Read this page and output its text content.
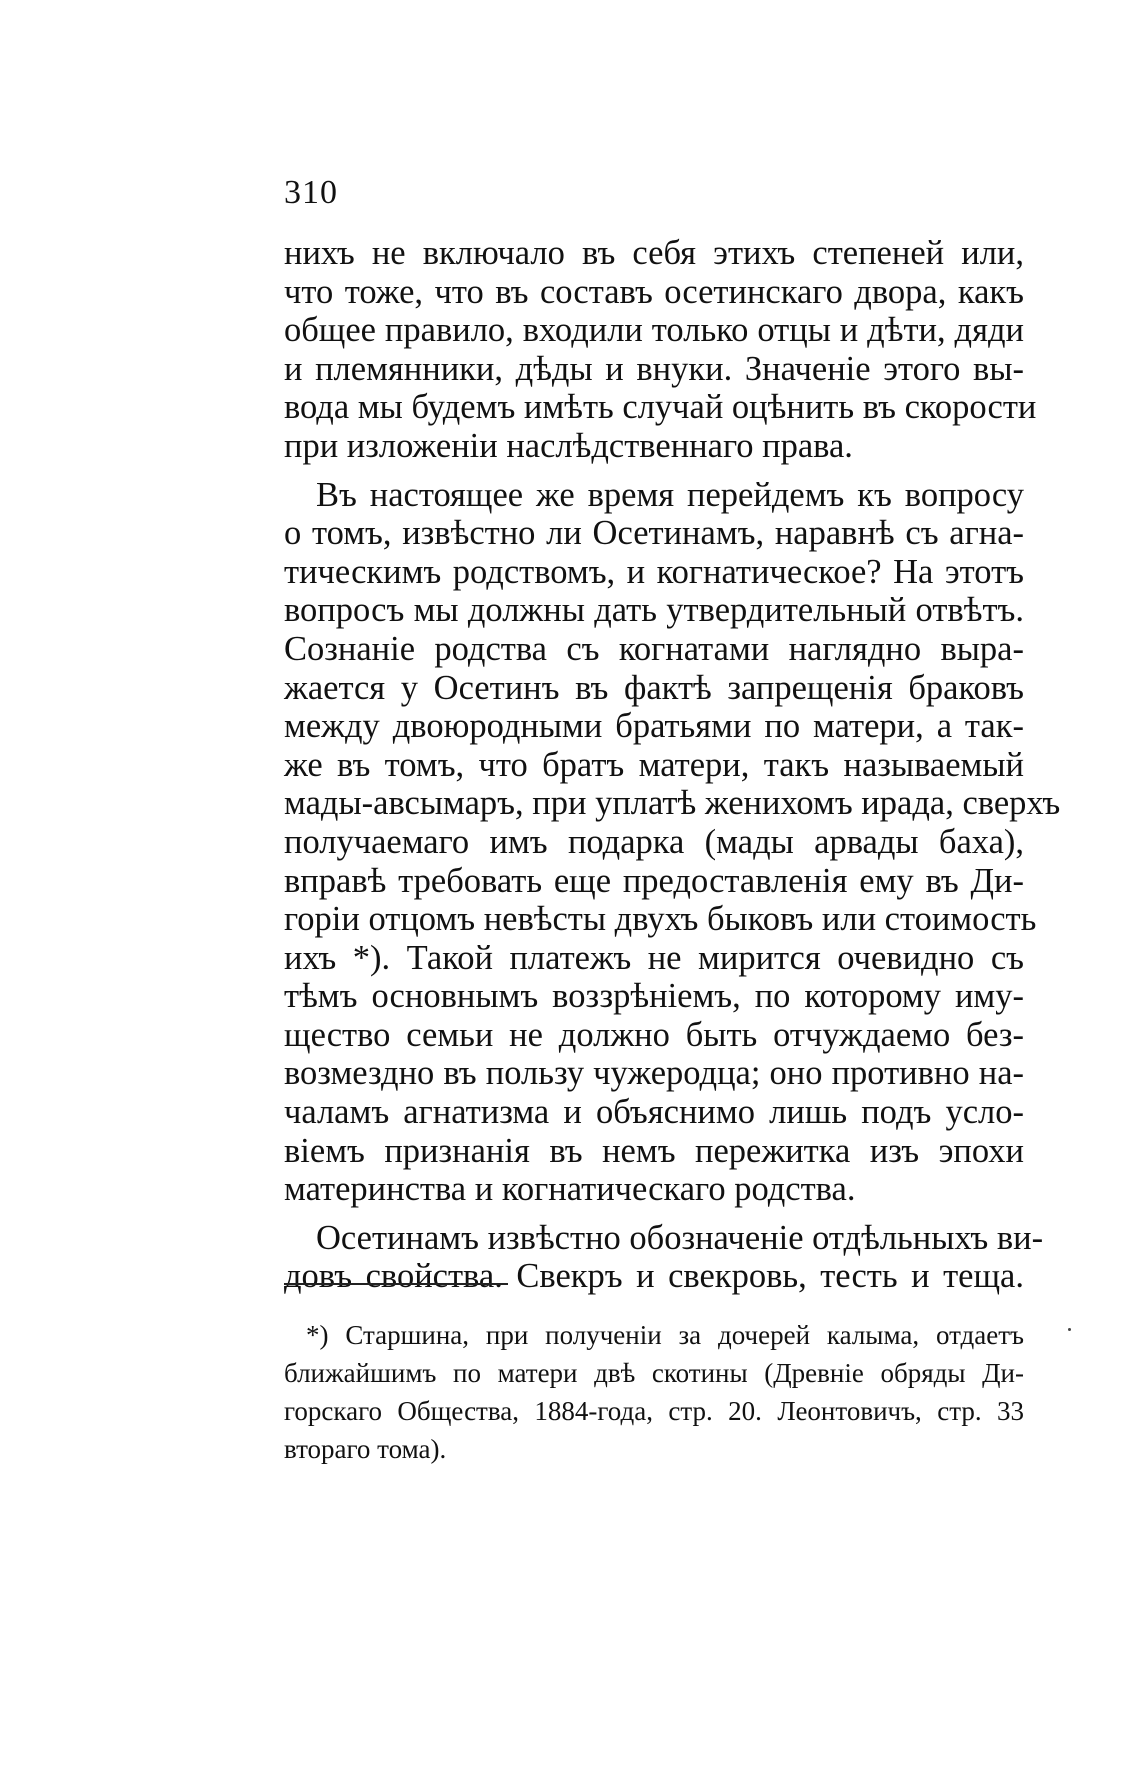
310
нихъ не включало въ себя этихъ степеней или,
что тоже, что въ составъ осетинскаго двора, какъ
общее правило, входили только отцы и дѣти, дяди
и племянники, дѣды и внуки. Значенiе этого вы-
вода мы будемъ имѣть случай оцѣнить въ скорости
при изложенiи наслѣдственнаго права.
Въ настоящее же время перейдемъ къ вопросу
о томъ, извѣстно ли Осетинамъ, наравнѣ съ агна-
тическимъ родствомъ, и когнатическое? На этотъ
вопросъ мы должны дать утвердительный отвѣтъ.
Сознанiе родства съ когнатами наглядно выра-
жается у Осетинъ въ фактѣ запрещенiя браковъ
между двоюродными братьями по матери, а так-
же въ томъ, что братъ матери, такъ называемый
мады-авсымаръ, при уплатѣ женихомъ ирада, сверхъ
получаемаго имъ подарка (мады арвады баха),
вправѣ требовать еще предоставленiя ему въ Ди-
горiи отцомъ невѣсты двухъ быковъ или стоимость
ихъ *). Такой платежъ не мирится очевидно съ
тѣмъ основнымъ воззрѣнiемъ, по которому иму-
щество семьи не должно быть отчуждаемо без-
возмездно въ пользу чужеродца; оно противно на-
чаламъ агнатизма и объяснимо лишь подъ усло-
вiемъ признанiя въ немъ пережитка изъ эпохи
материнства и когнатическаго родства.
Осетинамъ извѣстно обозначенiе отдѣльныхъ ви-
довъ свойства. Свекръ и свекровь, тесть и теща.
*) Старшина, при полученiи за дочерей калыма, отдаетъ
ближайшимъ по матери двѣ скотины (Древнiе обряды Ди-
горскаго Общества, 1884-года, стр. 20. Леонтовичъ, стр. 33
втораго тома).
